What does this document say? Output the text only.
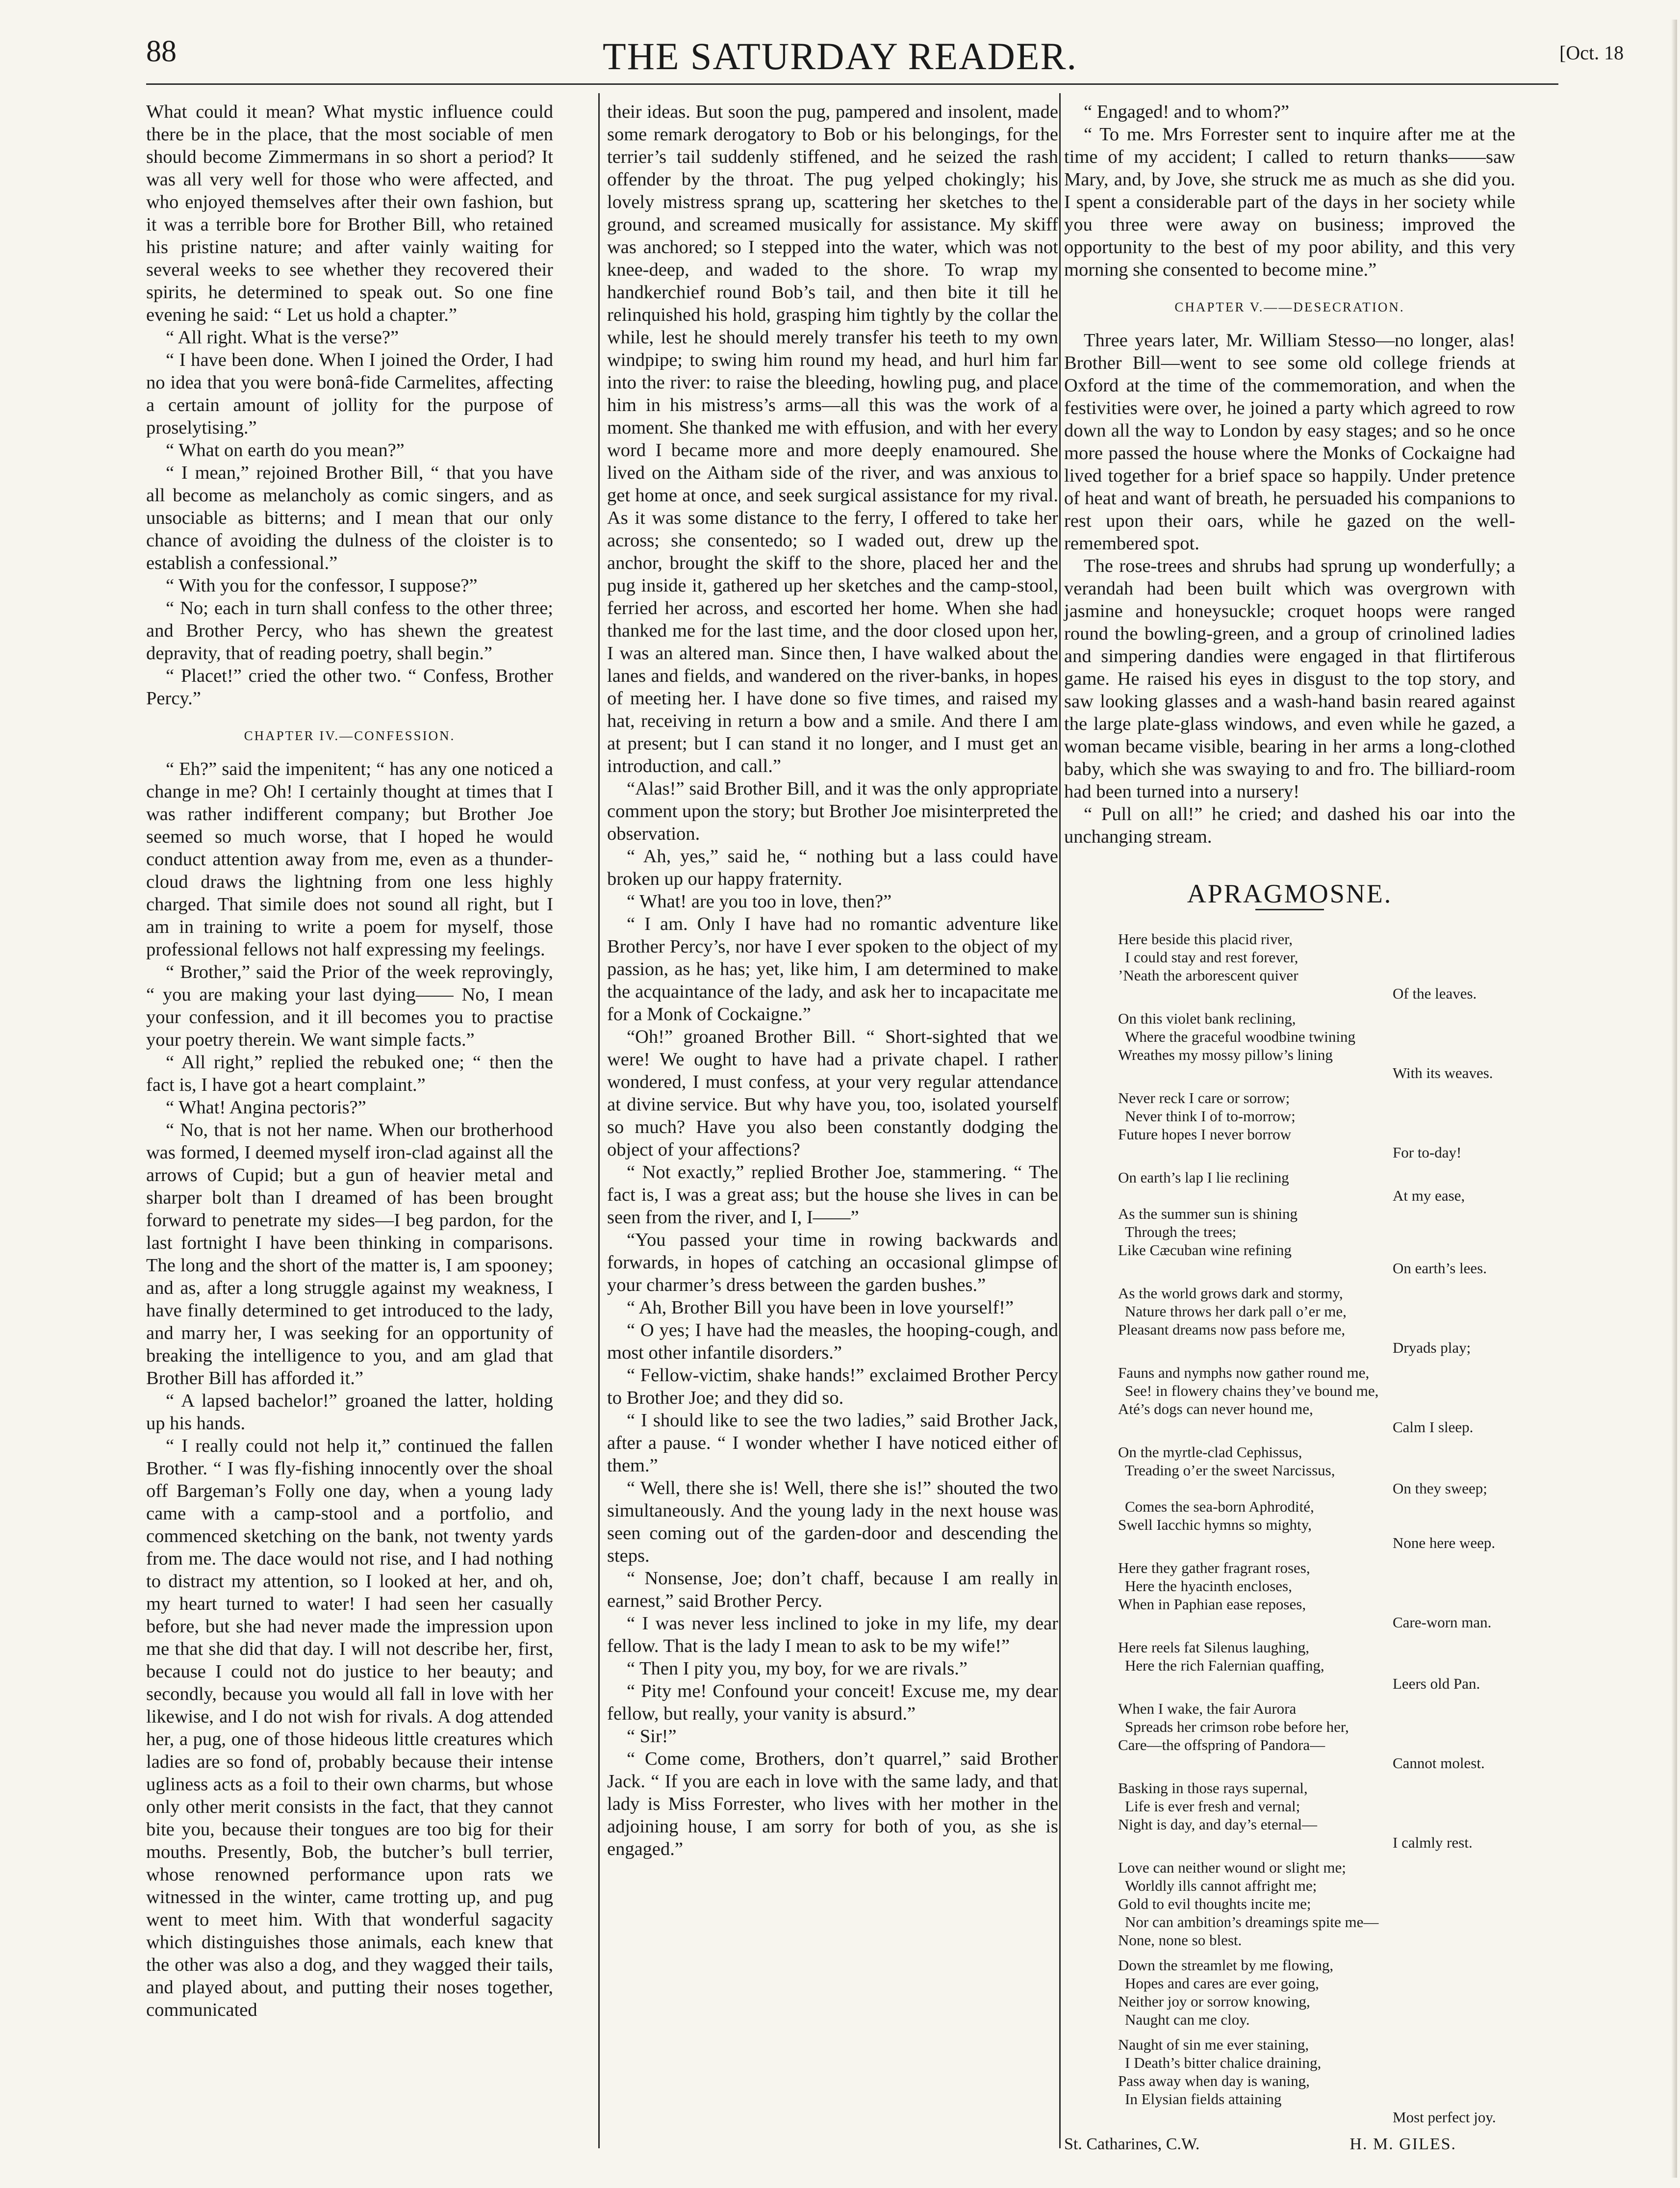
88	THE SATURDAY READER.	[Oct. 18

What could it mean? What mystic influence could there be in the place, that the most sociable of men should become Zimmermans in so short a period? It was all very well for those who were affected, and who enjoyed themselves after their own fashion, but it was a terrible bore for Brother Bill, who retained his pristine nature; and after vainly waiting for several weeks to see whether they recovered their spirits, he determined to speak out. So one fine evening he said: “ Let us hold a chapter.”

“ All right. What is the verse?”

“ I have been done. When I joined the Order, I had no idea that you were bonâ-fide Carmelites, affecting a certain amount of jollity for the purpose of proselytising.”

“ What on earth do you mean?”

“ I mean,” rejoined Brother Bill, “ that you have all become as melancholy as comic singers, and as unsociable as bitterns; and I mean that our only chance of avoiding the dulness of the cloister is to establish a confessional.”

“ With you for the confessor, I suppose?”

“ No; each in turn shall confess to the other three; and Brother Percy, who has shewn the greatest depravity, that of reading poetry, shall begin.”

“ Placet!” cried the other two. “ Confess, Brother Percy.”

CHAPTER IV.—CONFESSION.

“ Eh?” said the impenitent; “ has any one noticed a change in me? Oh! I certainly thought at times that I was rather indifferent company; but Brother Joe seemed so much worse, that I hoped he would conduct attention away from me, even as a thunder-cloud draws the lightning from one less highly charged. That simile does not sound all right, but I am in training to write a poem for myself, those professional fellows not half expressing my feelings.

“ Brother,” said the Prior of the week reprovingly, “ you are making your last dying—— No, I mean your confession, and it ill becomes you to practise your poetry therein. We want simple facts.”

“ All right,” replied the rebuked one; “ then the fact is, I have got a heart complaint.”

“ What! Angina pectoris?”

“ No, that is not her name. When our brotherhood was formed, I deemed myself iron-clad against all the arrows of Cupid; but a gun of heavier metal and sharper bolt than I dreamed of has been brought forward to penetrate my sides—I beg pardon, for the last fortnight I have been thinking in comparisons. The long and the short of the matter is, I am spooney; and as, after a long struggle against my weakness, I have finally determined to get introduced to the lady, and marry her, I was seeking for an opportunity of breaking the intelligence to you, and am glad that Brother Bill has afforded it.”

“ A lapsed bachelor!” groaned the latter, holding up his hands.

“ I really could not help it,” continued the fallen Brother. “ I was fly-fishing innocently over the shoal off Bargeman’s Folly one day, when a young lady came with a camp-stool and a portfolio, and commenced sketching on the bank, not twenty yards from me. The dace would not rise, and I had nothing to distract my attention, so I looked at her, and oh, my heart turned to water! I had seen her casually before, but she had never made the impression upon me that she did that day. I will not describe her, first, because I could not do justice to her beauty; and secondly, because you would all fall in love with her likewise, and I do not wish for rivals. A dog attended her, a pug, one of those hideous little creatures which ladies are so fond of, probably because their intense ugliness acts as a foil to their own charms, but whose only other merit consists in the fact, that they cannot bite you, because their tongues are too big for their mouths. Presently, Bob, the butcher’s bull terrier, whose renowned performance upon rats we witnessed in the winter, came trotting up, and pug went to meet him. With that wonderful sagacity which distinguishes those animals, each knew that the other was also a dog, and they wagged their tails, and played about, and putting their noses together, communicated

their ideas. But soon the pug, pampered and insolent, made some remark derogatory to Bob or his belongings, for the terrier’s tail suddenly stiffened, and he seized the rash offender by the throat. The pug yelped chokingly; his lovely mistress sprang up, scattering her sketches to the ground, and screamed musically for assistance. My skiff was anchored; so I stepped into the water, which was not knee-deep, and waded to the shore. To wrap my handkerchief round Bob’s tail, and then bite it till he relinquished his hold, grasping him tightly by the collar the while, lest he should merely transfer his teeth to my own windpipe; to swing him round my head, and hurl him far into the river: to raise the bleeding, howling pug, and place him in his mistress’s arms—all this was the work of a moment. She thanked me with effusion, and with her every word I became more and more deeply enamoured. She lived on the Aitham side of the river, and was anxious to get home at once, and seek surgical assistance for my rival. As it was some distance to the ferry, I offered to take her across; she consentedo; so I waded out, drew up the anchor, brought the skiff to the shore, placed her and the pug inside it, gathered up her sketches and the camp-stool, ferried her across, and escorted her home. When she had thanked me for the last time, and the door closed upon her, I was an altered man. Since then, I have walked about the lanes and fields, and wandered on the river-banks, in hopes of meeting her. I have done so five times, and raised my hat, receiving in return a bow and a smile. And there I am at present; but I can stand it no longer, and I must get an introduction, and call.”

“Alas!” said Brother Bill, and it was the only appropriate comment upon the story; but Brother Joe misinterpreted the observation.

“ Ah, yes,” said he, “ nothing but a lass could have broken up our happy fraternity.

“ What! are you too in love, then?”

“ I am. Only I have had no romantic adventure like Brother Percy’s, nor have I ever spoken to the object of my passion, as he has; yet, like him, I am determined to make the acquaintance of the lady, and ask her to incapacitate me for a Monk of Cockaigne.”

“Oh!” groaned Brother Bill. “ Short-sighted that we were! We ought to have had a private chapel. I rather wondered, I must confess, at your very regular attendance at divine service. But why have you, too, isolated yourself so much? Have you also been constantly dodging the object of your affections?

“ Not exactly,” replied Brother Joe, stammering. “ The fact is, I was a great ass; but the house she lives in can be seen from the river, and I, I——”

“You passed your time in rowing backwards and forwards, in hopes of catching an occasional glimpse of your charmer’s dress between the garden bushes.”

“ Ah, Brother Bill you have been in love yourself!”

“ O yes; I have had the measles, the hooping-cough, and most other infantile disorders.”

“ Fellow-victim, shake hands!” exclaimed Brother Percy to Brother Joe; and they did so.

“ I should like to see the two ladies,” said Brother Jack, after a pause. “ I wonder whether I have noticed either of them.”

“ Well, there she is! Well, there she is!” shouted the two simultaneously. And the young lady in the next house was seen coming out of the garden-door and descending the steps.

“ Nonsense, Joe; don’t chaff, because I am really in earnest,” said Brother Percy.

“ I was never less inclined to joke in my life, my dear fellow. That is the lady I mean to ask to be my wife!”

“ Then I pity you, my boy, for we are rivals.”

“ Pity me! Confound your conceit! Excuse me, my dear fellow, but really, your vanity is absurd.”

“ Sir!”

“ Come come, Brothers, don’t quarrel,” said Brother Jack. “ If you are each in love with the same lady, and that lady is Miss Forrester, who lives with her mother in the adjoining house, I am sorry for both of you, as she is engaged.”

“ Engaged! and to whom?”

“ To me. Mrs Forrester sent to inquire after me at the time of my accident; I called to return thanks——saw Mary, and, by Jove, she struck me as much as she did you. I spent a considerable part of the days in her society while you three were away on business; improved the opportunity to the best of my poor ability, and this very morning she consented to become mine.”

CHAPTER V.——DESECRATION.

Three years later, Mr. William Stesso—no longer, alas! Brother Bill—went to see some old college friends at Oxford at the time of the commemoration, and when the festivities were over, he joined a party which agreed to row down all the way to London by easy stages; and so he once more passed the house where the Monks of Cockaigne had lived together for a brief space so happily. Under pretence of heat and want of breath, he persuaded his companions to rest upon their oars, while he gazed on the well-remembered spot.

The rose-trees and shrubs had sprung up wonderfully; a verandah had been built which was overgrown with jasmine and honeysuckle; croquet hoops were ranged round the bowling-green, and a group of crinolined ladies and simpering dandies were engaged in that flirtiferous game. He raised his eyes in disgust to the top story, and saw looking glasses and a wash-hand basin reared against the large plate-glass windows, and even while he gazed, a woman became visible, bearing in her arms a long-clothed baby, which she was swaying to and fro. The billiard-room had been turned into a nursery!

“ Pull on all!” he cried; and dashed his oar into the unchanging stream.

APRAGMOSNE.
Here beside this placid river,
I could stay and rest forever,
’Neath the arborescent quiver
Of the leaves.
On this violet bank reclining,
Where the graceful woodbine twining
Wreathes my mossy pillow’s lining
With its weaves.
Never reck I care or sorrow;
Never think I of to-morrow;
Future hopes I never borrow
For to-day!
On earth’s lap I lie reclining
At my ease,
As the summer sun is shining
Through the trees;
Like Cæcuban wine refining
On earth’s lees.
As the world grows dark and stormy,
Nature throws her dark pall o’er me,
Pleasant dreams now pass before me,
Dryads play;
Fauns and nymphs now gather round me,
See! in flowery chains they’ve bound me,
Até’s dogs can never hound me,
Calm I sleep.
On the myrtle-clad Cephissus,
Treading o’er the sweet Narcissus,
On they sweep;
Comes the sea-born Aphrodité,
Swell Iacchic hymns so mighty,
None here weep.
Here they gather fragrant roses,
Here the hyacinth encloses,
When in Paphian ease reposes,
Care-worn man.
Here reels fat Silenus laughing,
Here the rich Falernian quaffing,
Leers old Pan.
When I wake, the fair Aurora
Spreads her crimson robe before her,
Care—the offspring of Pandora—
Cannot molest.
Basking in those rays supernal,
Life is ever fresh and vernal;
Night is day, and day’s eternal—
I calmly rest.
Love can neither wound or slight me;
Worldly ills cannot affright me;
Gold to evil thoughts incite me;
Nor can ambition’s dreamings spite me—
None, none so blest.
Down the streamlet by me flowing,
Hopes and cares are ever going,
Neither joy or sorrow knowing,
Naught can me cloy.
Naught of sin me ever staining,
I Death’s bitter chalice draining,
Pass away when day is waning,
In Elysian fields attaining
Most perfect joy.
St. Catharines, C.W.	H. M. GILES.
